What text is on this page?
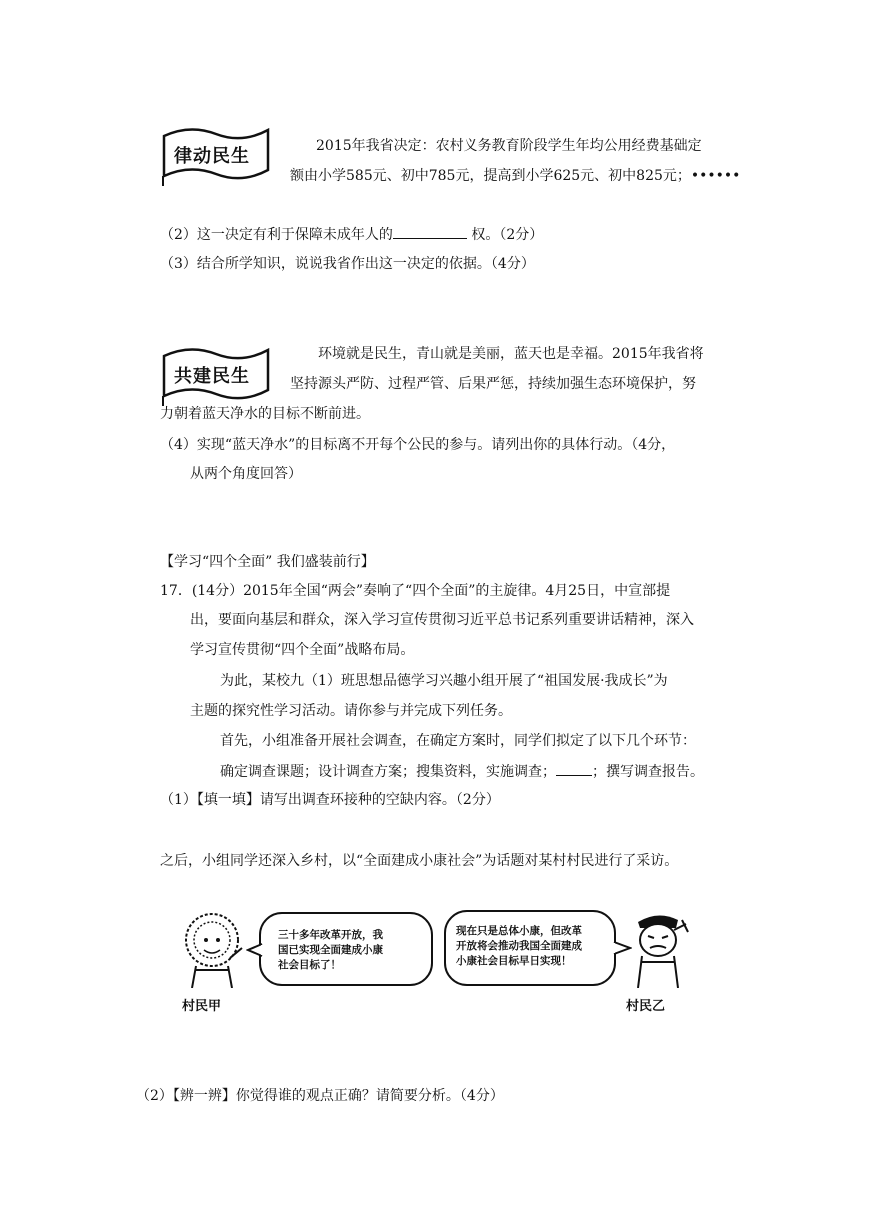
律动民生	2015年我省决定：农村义务教育阶段学生年均公用经费基础定
额由小学585元、初中785元，提高到小学625元、初中825元；••••••
（2）这一决定有利于保障未成年人的	权。（2分）
（3）结合所学知识，说说我省作出这一决定的依据。（4分）
共建民生
环境就是民生，青山就是美丽，蓝天也是幸福。2015年我省将
坚持源头严防、过程严管、后果严惩，持续加强生态环境保护，努
力朝着蓝天净水的目标不断前进。
（4）实现“蓝天净水”的目标离不开每个公民的参与。请列出你的具体行动。（4分，
从两个角度回答）
【学习“四个全面” 我们盛装前行】
17．(14分）2015年全国“两会”奏响了“四个全面”的主旋律。4月25日，中宣部提
出，要面向基层和群众，深入学习宣传贯彻习近平总书记系列重要讲话精神，深入
学习宣传贯彻“四个全面”战略布局。
为此，某校九（1）班思想品德学习兴趣小组开展了“祖国发展·我成长”为
主题的探究性学习活动。请你参与并完成下列任务。
首先，小组准备开展社会调查，在确定方案时，同学们拟定了以下几个环节：
确定调查课题；设计调查方案；搜集资料，实施调查；	；撰写调查报告。
（1）【填一填】请写出调查环接种的空缺内容。（2分）
之后，小组同学还深入乡村，以“全面建成小康社会”为话题对某村村民进行了采访。
村民甲
三十多年改革开放，我
国已实现全面建成小康
社会目标了！
现在只是总体小康，但改革
开放将会推动我国全面建成
小康社会目标早日实现！
村民乙
（2）【辨一辨】你觉得谁的观点正确？请简要分析。（4分）
